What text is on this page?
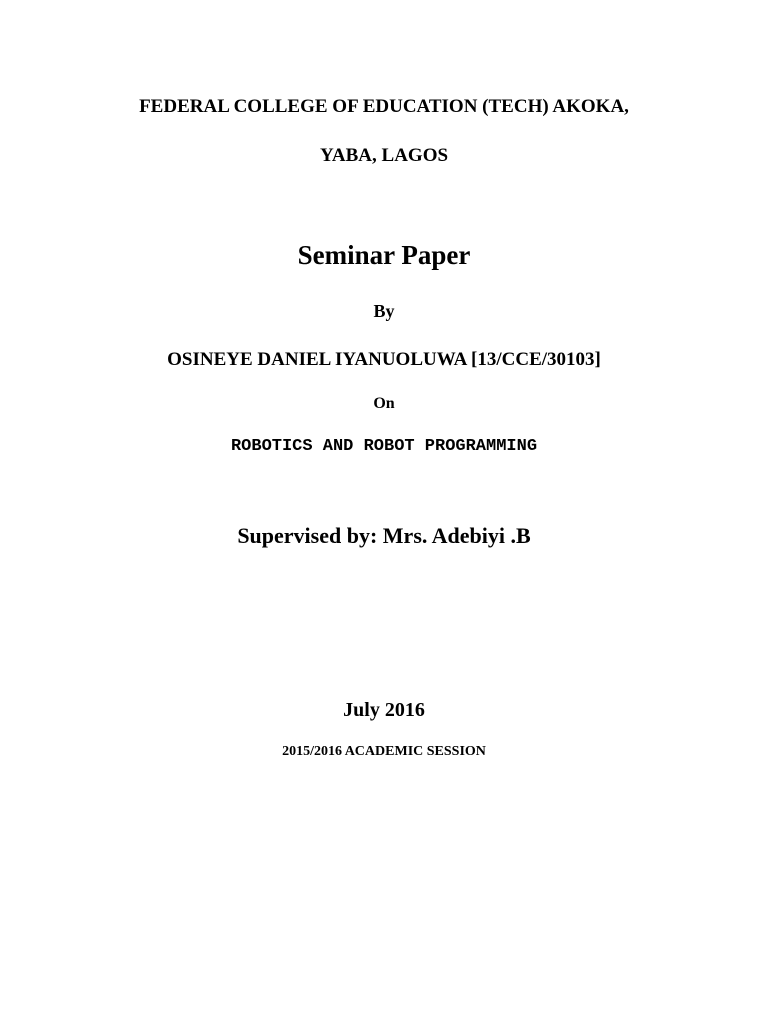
FEDERAL COLLEGE OF EDUCATION (TECH) AKOKA,
YABA, LAGOS
Seminar Paper
By
OSINEYE DANIEL IYANUOLUWA [13/CCE/30103]
On
ROBOTICS AND ROBOT PROGRAMMING
Supervised by: Mrs. Adebiyi .B
July 2016
2015/2016 ACADEMIC SESSION
